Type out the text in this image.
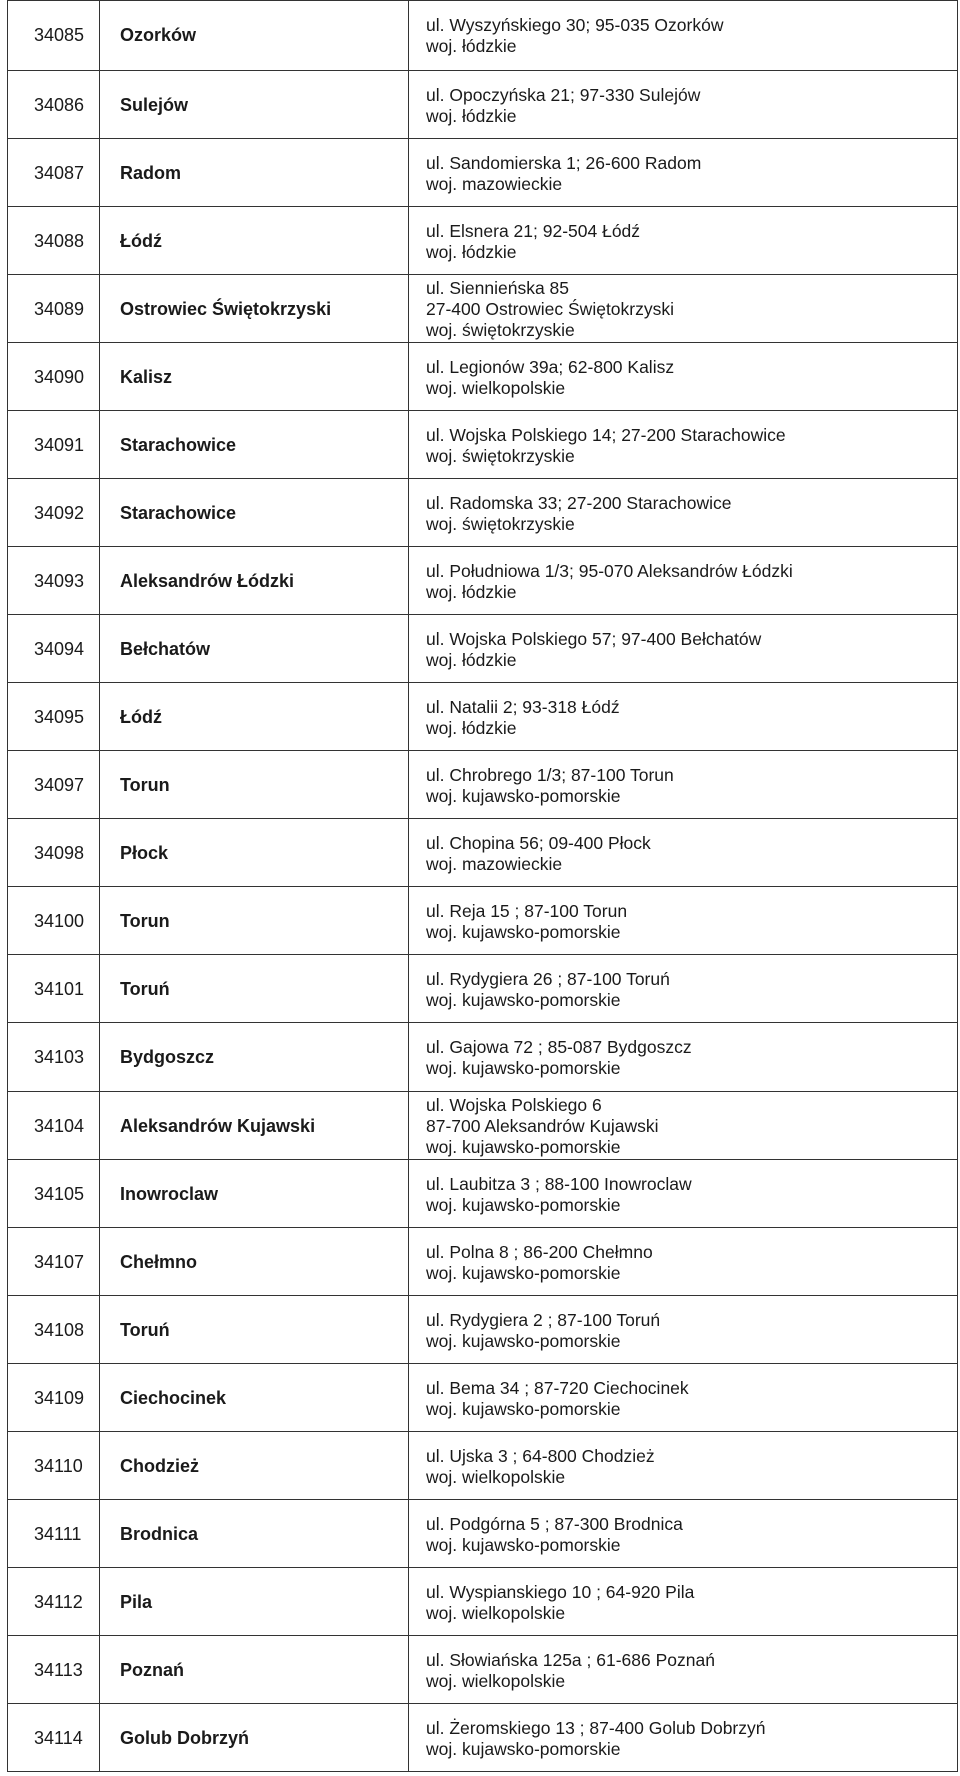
34085	Ozorków	ul. Wyszyńskiego 30; 95-035 Ozorków
woj. łódzkie

34086	Sulejów	ul. Opoczyńska 21; 97-330 Sulejów
woj. łódzkie

34087	Radom	ul. Sandomierska 1; 26-600 Radom
woj. mazowieckie

34088	Łódź	ul. Elsnera 21; 92-504 Łódź
woj. łódzkie

34089	Ostrowiec Świętokrzyski	ul. Sienniеńska 85
27-400 Ostrowiec Świętokrzyski
woj. świętokrzyskie

34090	Kalisz	ul. Legionów 39a; 62-800 Kalisz
woj. wielkopolskie

34091	Starachowice	ul. Wojska Polskiego 14; 27-200 Starachowice
woj. świętokrzyskie

34092	Starachowice	ul. Radomska 33; 27-200 Starachowice
woj. świętokrzyskie

34093	Aleksandrów Łódzki	ul. Południowa 1/3; 95-070 Aleksandrów Łódzki
woj. łódzkie

34094	Bełchatów	ul. Wojska Polskiego 57; 97-400 Bełchatów
woj. łódzkie

34095	Łódź	ul. Natalii 2; 93-318 Łódź
woj. łódzkie

34097	Torun	ul. Chrobrego 1/3; 87-100 Torun
woj. kujawsko-pomorskie

34098	Płock	ul. Chopina 56; 09-400 Płock
woj. mazowieckie

34100	Torun	ul. Reja 15 ; 87-100 Torun
woj. kujawsko-pomorskie

34101	Toruń	ul. Rydygiera 26 ; 87-100 Toruń
woj. kujawsko-pomorskie

34103	Bydgoszcz	ul. Gajowa 72 ; 85-087 Bydgoszcz
woj. kujawsko-pomorskie

34104	Aleksandrów Kujawski	ul. Wojska Polskiego 6
87-700 Aleksandrów Kujawski
woj. kujawsko-pomorskie

34105	Inowroclaw	ul. Laubitza 3 ; 88-100 Inowroclaw
woj. kujawsko-pomorskie

34107	Chełmno	ul. Polna 8 ; 86-200 Chełmno
woj. kujawsko-pomorskie

34108	Toruń	ul. Rydygiera 2 ; 87-100 Toruń
woj. kujawsko-pomorskie

34109	Ciechocinek	ul. Bema 34 ; 87-720 Ciechocinek
woj. kujawsko-pomorskie

34110	Chodzież	ul. Ujska 3 ; 64-800 Chodzież
woj. wielkopolskie

34111	Brodnica	ul. Podgórna 5 ; 87-300 Brodnica
woj. kujawsko-pomorskie

34112	Pila	ul. Wyspianskiego 10 ; 64-920 Pila
woj. wielkopolskie

34113	Poznań	ul. Słowiańska 125a ; 61-686 Poznań
woj. wielkopolskie

34114	Golub Dobrzyń	ul. Żeromskiego 13 ; 87-400 Golub Dobrzyń
woj. kujawsko-pomorskie
